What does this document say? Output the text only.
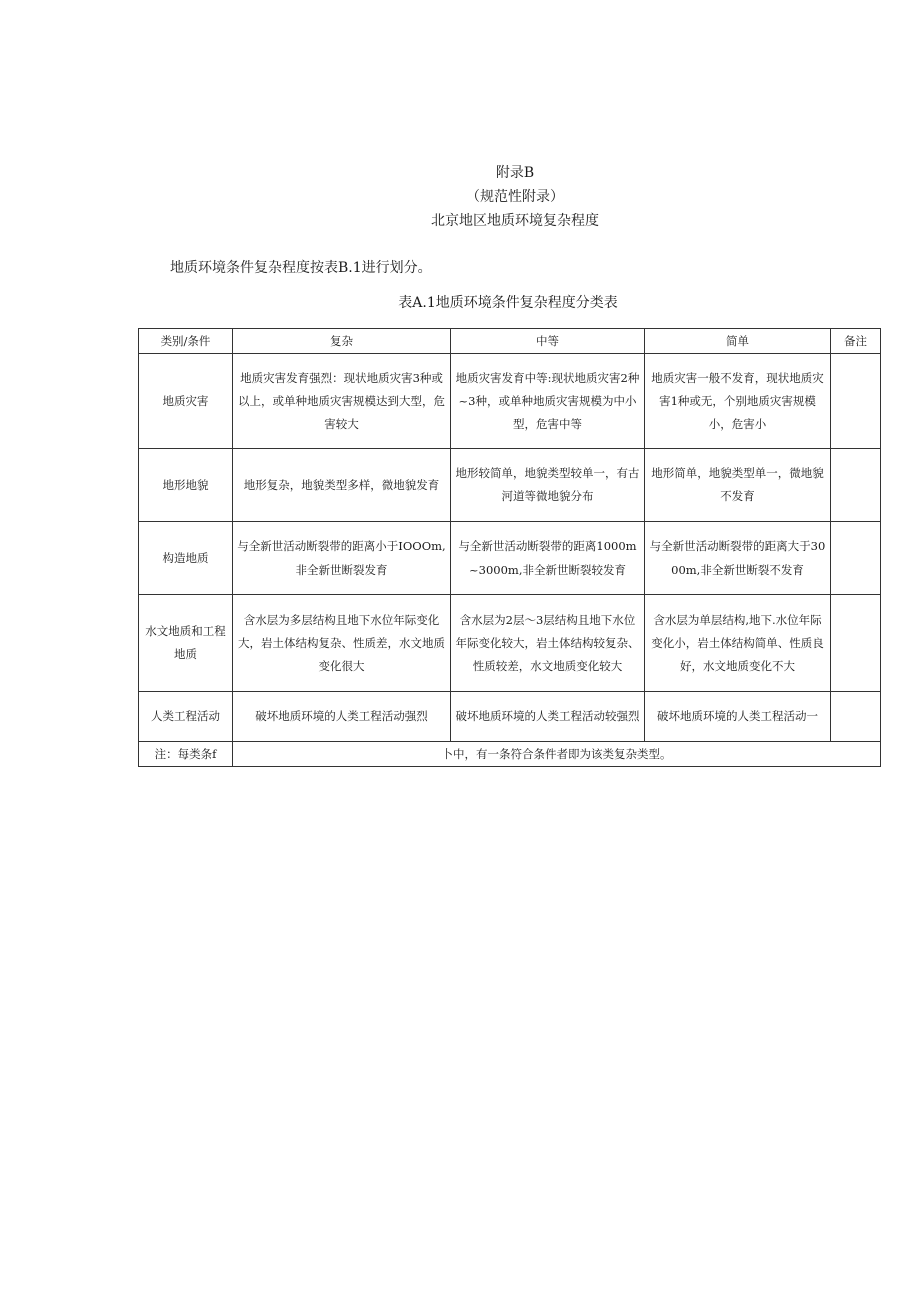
附录B
（规范性附录）
北京地区地质环境复杂程度
地质环境条件复杂程度按表B.1进行划分。
表A.1地质环境条件复杂程度分类表
类别/条件	复杂	中等	简单	备注
地质灾害	地质灾害发育强烈：现状地质灾害3种或以上，或单种地质灾害规模达到大型，危害较大	地质灾害发育中等:现状地质灾害2种~3种，或单种地质灾害规模为中小型，危害中等	地质灾害一般不发育，现状地质灾害1种或无，个别地质灾害规模小，危害小	
地形地貌	地形复杂，地貌类型多样，微地貌发育	地形较简单，地貌类型较单一，有古河道等微地貌分布	地形简单，地貌类型单一，微地貌不发育	
构造地质	与全新世活动断裂带的距离小于IOOOm,非全新世断裂发育	与全新世活动断裂带的距离1000m~3000m,非全新世断裂较发育	与全新世活动断裂带的距离大于3000m,非全新世断裂不发育	
水文地质和工程地质	含水层为多层结构且地下水位年际变化大，岩土体结构复杂、性质差，水文地质变化很大	含水层为2层～3层结构且地下水位年际变化较大，岩土体结构较复杂、性质较差，水文地质变化较大	含水层为单层结构,地下.水位年际变化小，岩土体结构简单、性质良好，水文地质变化不大	
人类工程活动	破坏地质环境的人类工程活动强烈	破坏地质环境的人类工程活动较强烈	破坏地质环境的人类工程活动一	
注：每类条f	卜中，有一条符合条件者即为该类复杂类型。			
